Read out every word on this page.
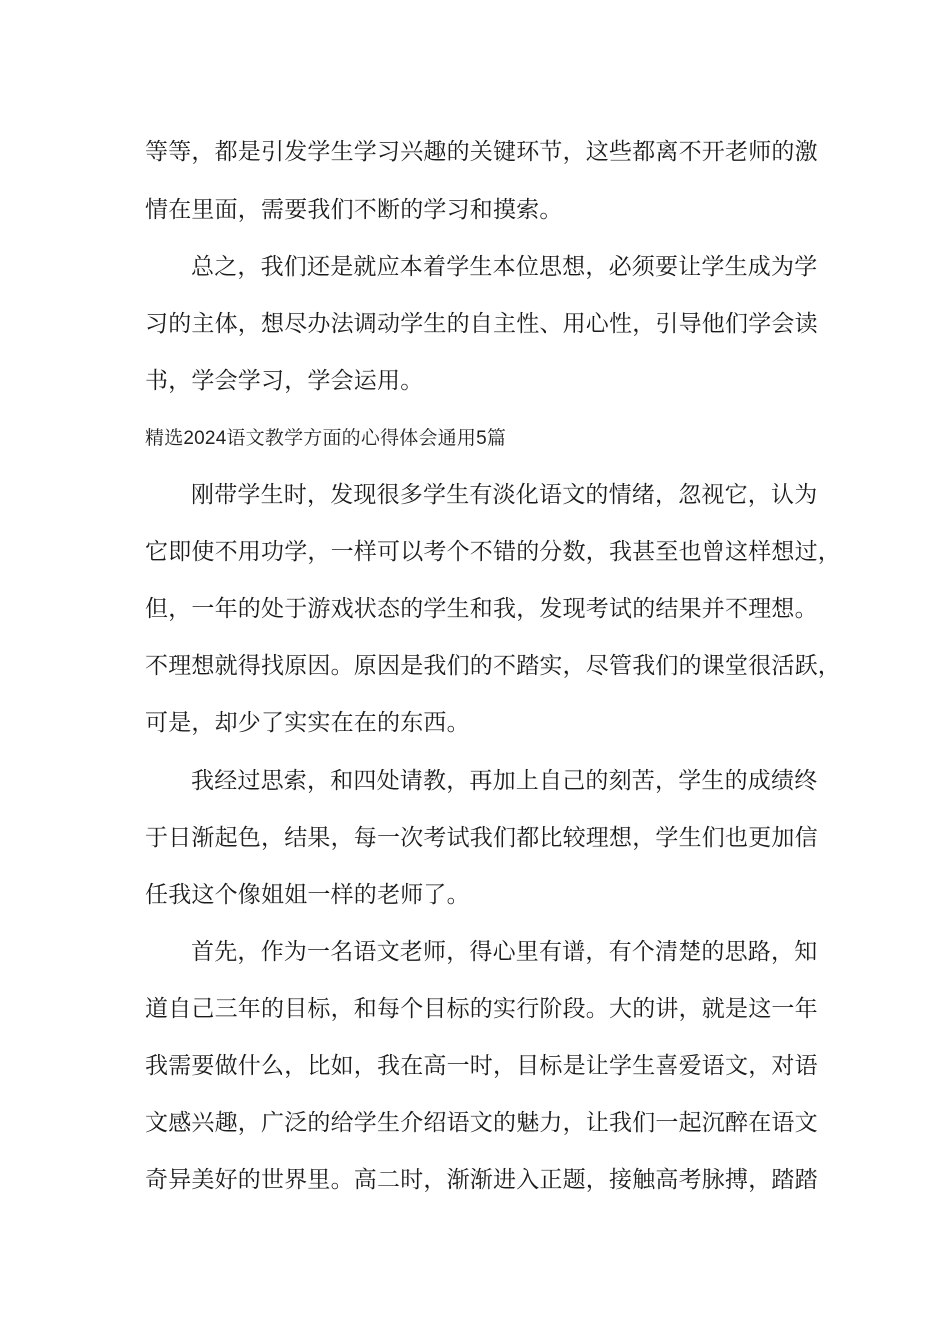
等等，都是引发学生学习兴趣的关键环节，这些都离不开老师的激
情在里面，需要我们不断的学习和摸索。
总之，我们还是就应本着学生本位思想，必须要让学生成为学
习的主体，想尽办法调动学生的自主性、用心性，引导他们学会读
书，学会学习，学会运用。
精选2024语文教学方面的心得体会通用5篇
刚带学生时，发现很多学生有淡化语文的情绪，忽视它，认为
它即使不用功学，一样可以考个不错的分数，我甚至也曾这样想过，
但，一年的处于游戏状态的学生和我，发现考试的结果并不理想。
不理想就得找原因。原因是我们的不踏实，尽管我们的课堂很活跃，
可是，却少了实实在在的东西。
我经过思索，和四处请教，再加上自己的刻苦，学生的成绩终
于日渐起色，结果，每一次考试我们都比较理想，学生们也更加信
任我这个像姐姐一样的老师了。
首先，作为一名语文老师，得心里有谱，有个清楚的思路，知
道自己三年的目标，和每个目标的实行阶段。大的讲，就是这一年
我需要做什么，比如，我在高一时，目标是让学生喜爱语文，对语
文感兴趣，广泛的给学生介绍语文的魅力，让我们一起沉醉在语文
奇异美好的世界里。高二时，渐渐进入正题，接触高考脉搏，踏踏
